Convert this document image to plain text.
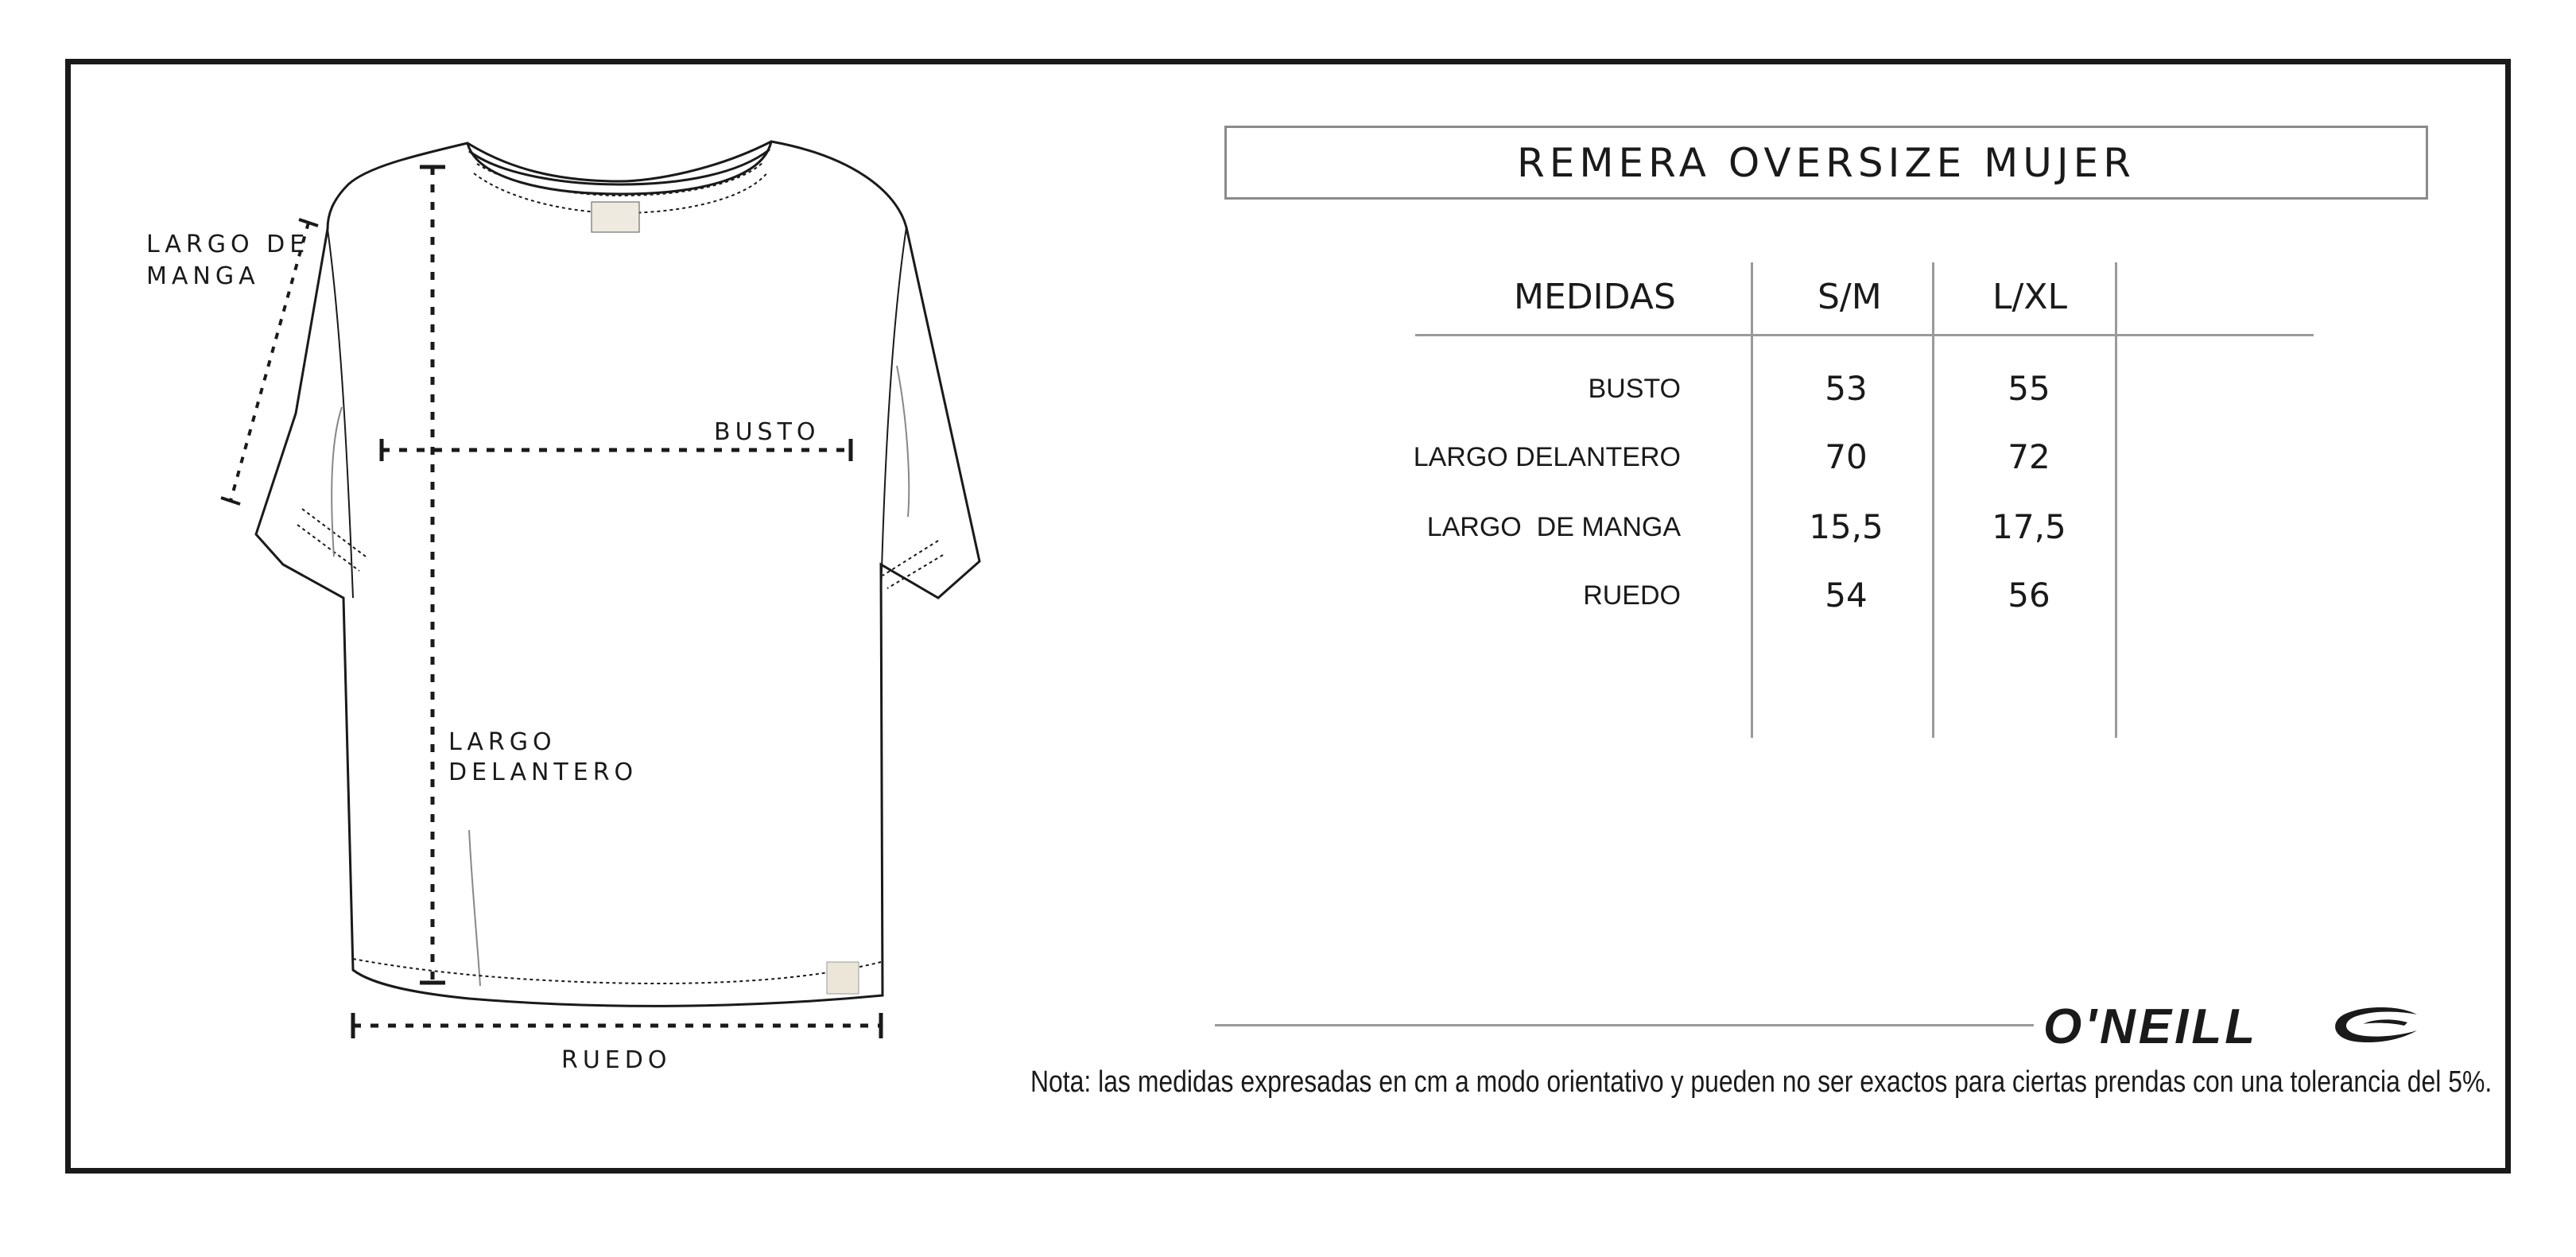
LARGO DE
MANGA
BUSTO
LARGO
DELANTERO
RUEDO
REMERA OVERSIZE MUJER
MEDIDAS	S/M	L/XL
BUSTO	53	55
LARGO DELANTERO	70	72
LARGO  DE MANGA	15,5	17,5
RUEDO	54	56
O'NEILL
Nota: las medidas expresadas en cm a modo orientativo y pueden no ser exactos para ciertas prendas con una tolerancia del 5%.
